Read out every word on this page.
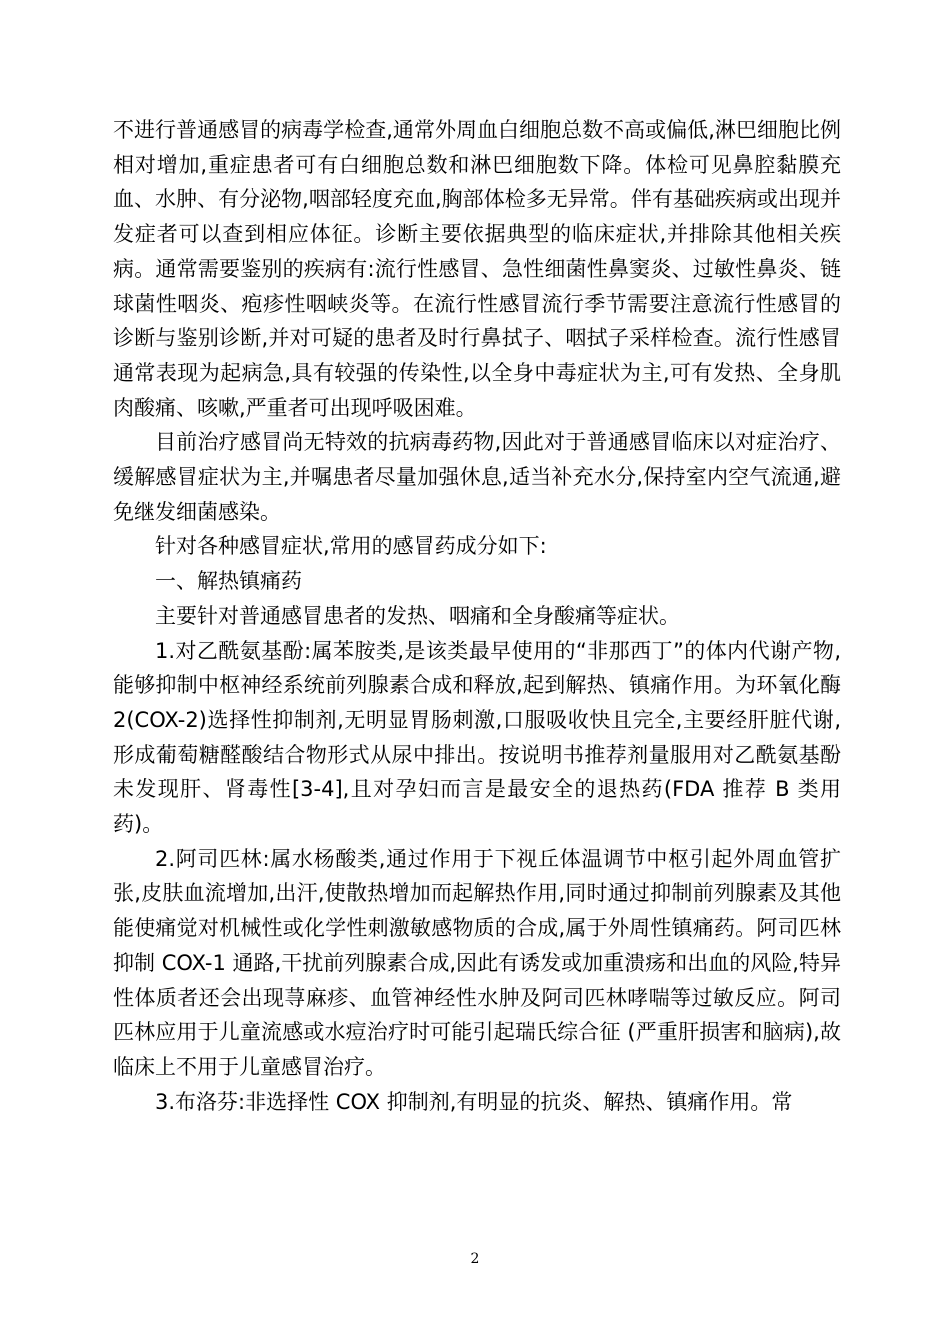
不进行普通感冒的病毒学检查,通常外周血白细胞总数不高或偏低,淋巴细胞比例相对增加,重症患者可有白细胞总数和淋巴细胞数下降。体检可见鼻腔黏膜充血、水肿、有分泌物,咽部轻度充血,胸部体检多无异常。伴有基础疾病或出现并发症者可以查到相应体征。诊断主要依据典型的临床症状,并排除其他相关疾病。通常需要鉴别的疾病有:流行性感冒、急性细菌性鼻窦炎、过敏性鼻炎、链球菌性咽炎、疱疹性咽峡炎等。在流行性感冒流行季节需要注意流行性感冒的诊断与鉴别诊断,并对可疑的患者及时行鼻拭子、咽拭子采样检查。流行性感冒通常表现为起病急,具有较强的传染性,以全身中毒症状为主,可有发热、全身肌肉酸痛、咳嗽,严重者可出现呼吸困难。

目前治疗感冒尚无特效的抗病毒药物,因此对于普通感冒临床以对症治疗、缓解感冒症状为主,并嘱患者尽量加强休息,适当补充水分,保持室内空气流通,避免继发细菌感染。

针对各种感冒症状,常用的感冒药成分如下:

一、解热镇痛药

主要针对普通感冒患者的发热、咽痛和全身酸痛等症状。

1.对乙酰氨基酚:属苯胺类,是该类最早使用的“非那西丁”的体内代谢产物,能够抑制中枢神经系统前列腺素合成和释放,起到解热、镇痛作用。为环氧化酶 2(COX-2)选择性抑制剂,无明显胃肠刺激,口服吸收快且完全,主要经肝脏代谢,形成葡萄糖醛酸结合物形式从尿中排出。按说明书推荐剂量服用对乙酰氨基酚未发现肝、肾毒性[3-4],且对孕妇而言是最安全的退热药(FDA 推荐 B 类用药)。

2.阿司匹林:属水杨酸类,通过作用于下视丘体温调节中枢引起外周血管扩张,皮肤血流增加,出汗,使散热增加而起解热作用,同时通过抑制前列腺素及其他能使痛觉对机械性或化学性刺激敏感物质的合成,属于外周性镇痛药。阿司匹林抑制 COX-1 通路,干扰前列腺素合成,因此有诱发或加重溃疡和出血的风险,特异性体质者还会出现荨麻疹、血管神经性水肿及阿司匹林哮喘等过敏反应。阿司匹林应用于儿童流感或水痘治疗时可能引起瑞氏综合征 (严重肝损害和脑病),故临床上不用于儿童感冒治疗。

3.布洛芬:非选择性 COX 抑制剂,有明显的抗炎、解热、镇痛作用。常

2
